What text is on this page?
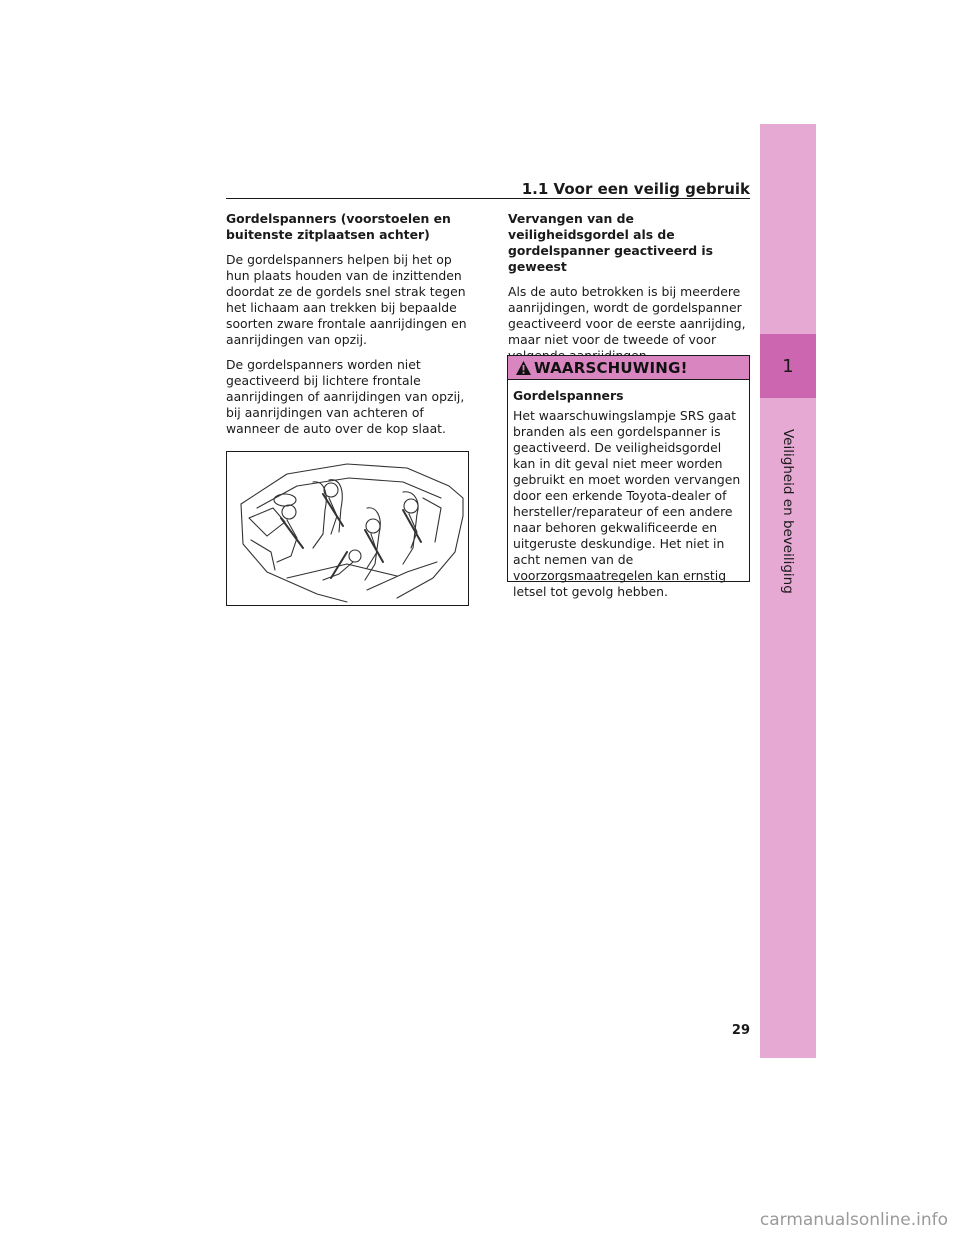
1
Veiligheid en beveiliging
1.1 Voor een veilig gebruik
Gordelspanners (voorstoelen en buitenste zitplaatsen achter)

De gordelspanners helpen bij het op hun plaats houden van de inzittenden doordat ze de gordels snel strak tegen het lichaam aan trekken bij bepaalde soorten zware frontale aanrijdingen en aanrijdingen van opzij.

De gordelspanners worden niet geactiveerd bij lichtere frontale aanrijdingen of aanrijdingen van opzij, bij aanrijdingen van achteren of wanneer de auto over de kop slaat.

Vervangen van de veiligheidsgordel als de gordelspanner geactiveerd is geweest

Als de auto betrokken is bij meerdere aanrijdingen, wordt de gordelspanner geactiveerd voor de eerste aanrijding, maar niet voor de tweede of voor

WAARSCHUWING!
Gordelspanners

Het waarschuwingslampje SRS gaat branden als een gordelspanner is geactiveerd. De veiligheidsgordel kan in dit geval niet meer worden gebruikt en moet worden vervangen door een erkende Toyota-dealer of hersteller/reparateur of een andere naar behoren gekwalificeerde en uitgeruste deskundige. Het niet in acht nemen van de voorzorgsmaatregelen kan ernstig letsel tot gevolg hebben.

29
carmanualsonline.info
